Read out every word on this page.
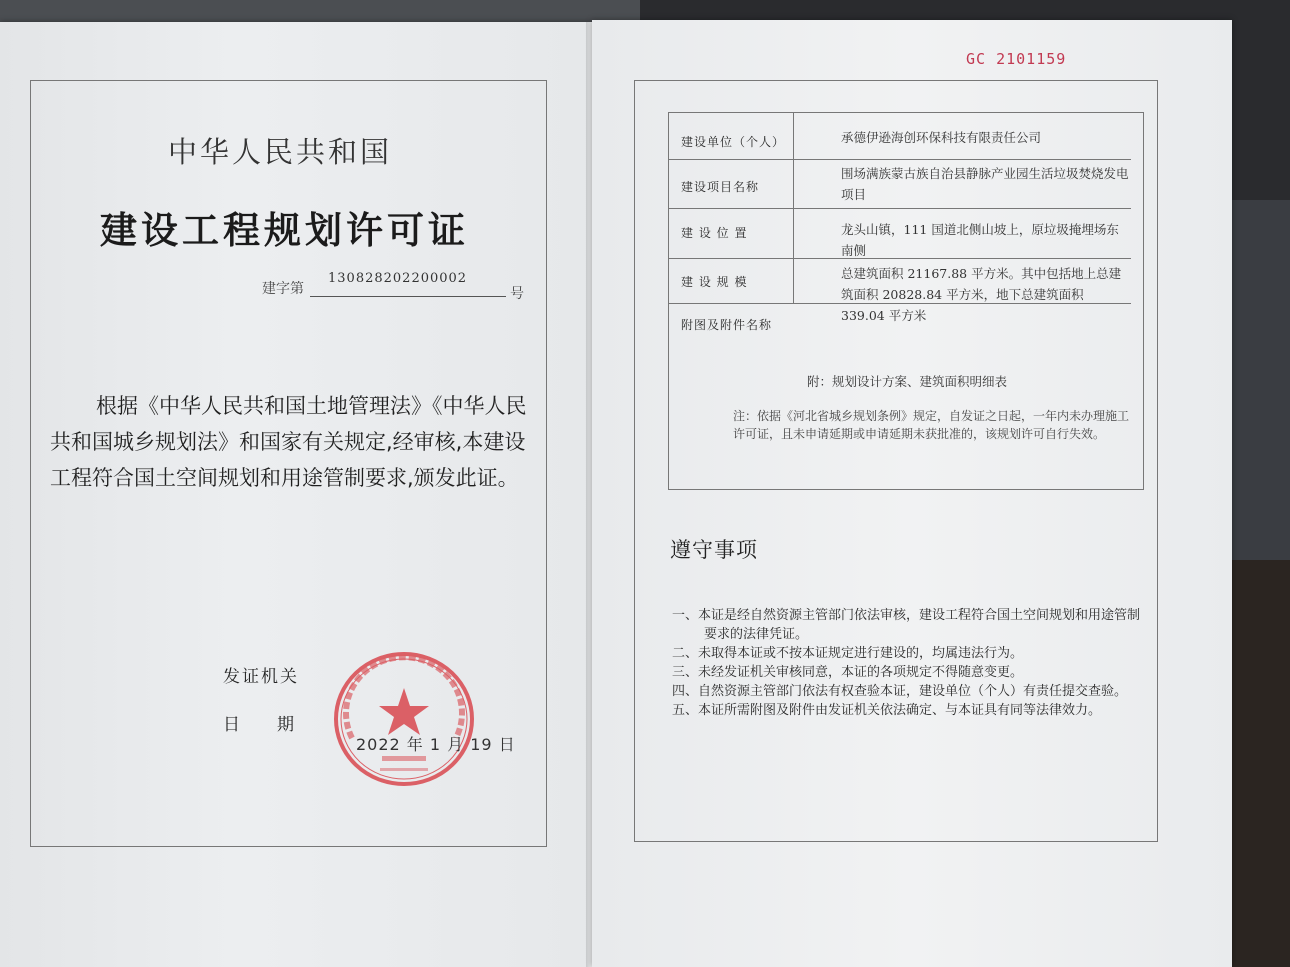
中华人民共和国
建设工程规划许可证
建字第
130828202200002
号
根据《中华人民共和国土地管理法》《中华人民共和国城乡规划法》和国家有关规定,经审核,本建设工程符合国土空间规划和用途管制要求,颁发此证。
发证机关
日　期
2022 年 1 月 19 日
GC 2101159
建设单位（个人）	承德伊逊海创环保科技有限责任公司
建设项目名称
围场满族蒙古族自治县静脉产业园生活垃圾焚烧发电项目
建 设 位 置	龙头山镇，111 国道北侧山坡上，原垃圾掩埋场东南侧
建 设 规 模
总建筑面积 21167.88 平方米。其中包括地上总建筑面积 20828.84 平方米，地下总建筑面积 339.04 平方米
附图及附件名称
附：规划设计方案、建筑面积明细表
注：依据《河北省城乡规划条例》规定，自发证之日起，一年内未办理施工许可证，且未申请延期或申请延期未获批准的，该规划许可自行失效。
遵守事项
一、本证是经自然资源主管部门依法审核，建设工程符合国土空间规划和用途管制要求的法律凭证。
二、未取得本证或不按本证规定进行建设的，均属违法行为。
三、未经发证机关审核同意，本证的各项规定不得随意变更。
四、自然资源主管部门依法有权查验本证，建设单位（个人）有责任提交查验。
五、本证所需附图及附件由发证机关依法确定、与本证具有同等法律效力。
